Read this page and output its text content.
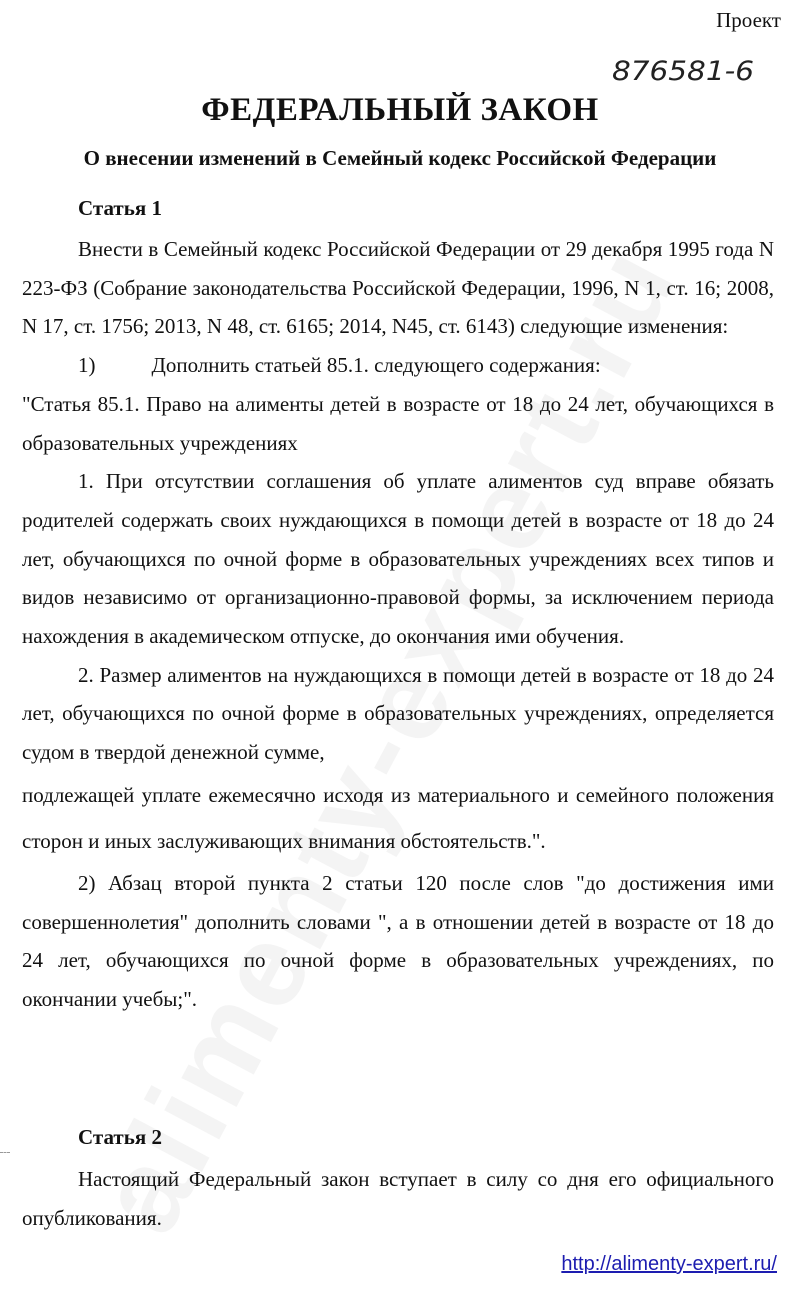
Проект
876581-6
ФЕДЕРАЛЬНЫЙ ЗАКОН
О внесении изменений в Семейный кодекс Российской Федерации
Статья 1

Внести в Семейный кодекс Российской Федерации от 29 декабря 1995 года N 223-ФЗ (Собрание законодательства Российской Федерации, 1996, N 1, ст. 16; 2008, N 17, ст. 1756; 2013, N 48, ст. 6165; 2014, N45, ст. 6143) следующие изменения:

1)	Дополнить статьей 85.1. следующего содержания:

"Статья 85.1. Право на алименты детей в возрасте от 18 до 24 лет, обучающихся в образовательных учреждениях

1. При отсутствии соглашения об уплате алиментов суд вправе обязать родителей содержать своих нуждающихся в помощи детей в возрасте от 18 до 24 лет, обучающихся по очной форме в образовательных учреждениях всех типов и видов независимо от организационно-правовой формы, за исключением периода нахождения в академическом отпуске, до окончания ими обучения.

2. Размер алиментов на нуждающихся в помощи детей в возрасте от 18 до 24 лет, обучающихся по очной форме в образовательных учреждениях, определяется судом в твердой денежной сумме,

подлежащей уплате ежемесячно исходя из материального и семейного положения сторон и иных заслуживающих внимания обстоятельств.".

2) Абзац второй пункта 2 статьи 120 после слов "до достижения ими совершеннолетия" дополнить словами ", а в отношении детей в возрасте от 18 до 24 лет, обучающихся по очной форме в образовательных учреждениях, по окончании учебы;".

Статья 2

Настоящий Федеральный закон вступает в силу со дня его официального опубликования.

http://alimenty-expert.ru/
